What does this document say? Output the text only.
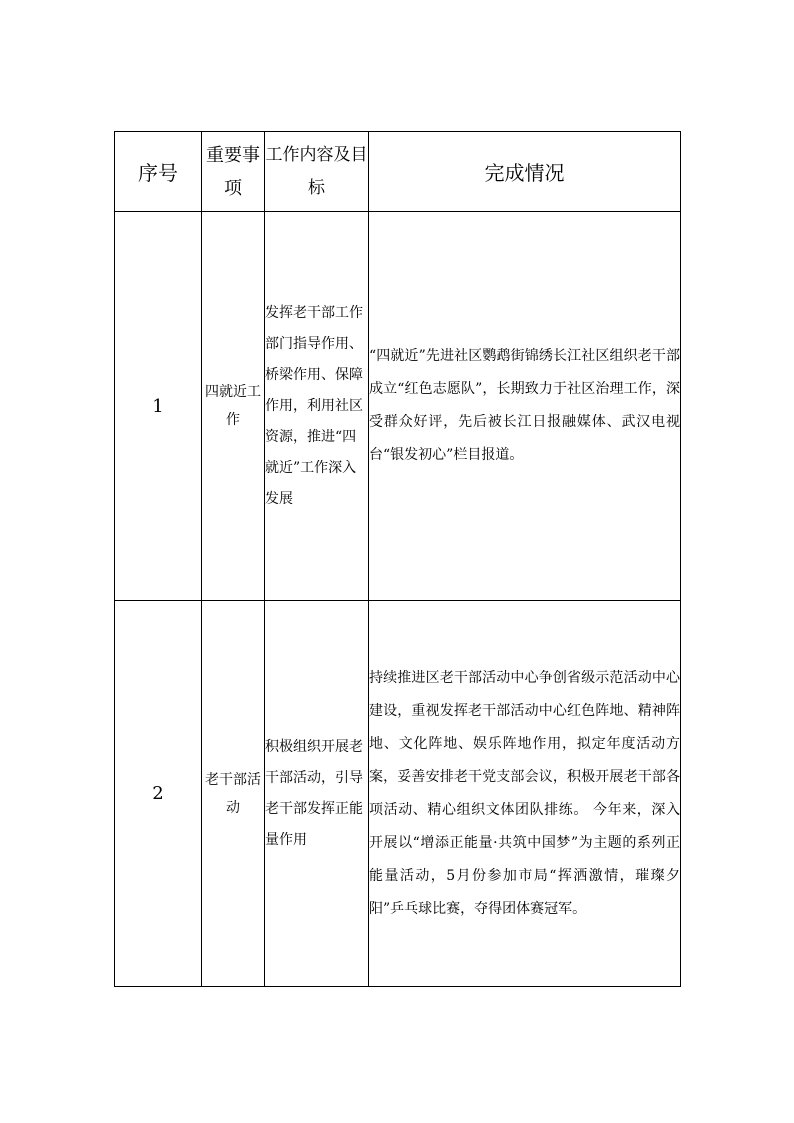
序号	重要事项	工作内容及目标	完成情况
1	四就近工作	发挥老干部工作部门指导作用、桥梁作用、保障作用，利用社区资源，推进“四就近”工作深入发展	“四就近”先进社区鹦鹉街锦绣长江社区组织老干部成立“红色志愿队”，长期致力于社区治理工作，深受群众好评，先后被长江日报融媒体、武汉电视台“银发初心”栏目报道。
2	老干部活动	积极组织开展老干部活动，引导老干部发挥正能量作用	持续推进区老干部活动中心争创省级示范活动中心建设，重视发挥老干部活动中心红色阵地、精神阵地、文化阵地、娱乐阵地作用，拟定年度活动方案，妥善安排老干党支部会议，积极开展老干部各项活动、精心组织文体团队排练。 今年来，深入开展以“增添正能量·共筑中国梦”为主题的系列正能量活动，5月份参加市局“挥洒激情，璀璨夕阳”乒乓球比赛，夺得团体赛冠军。
